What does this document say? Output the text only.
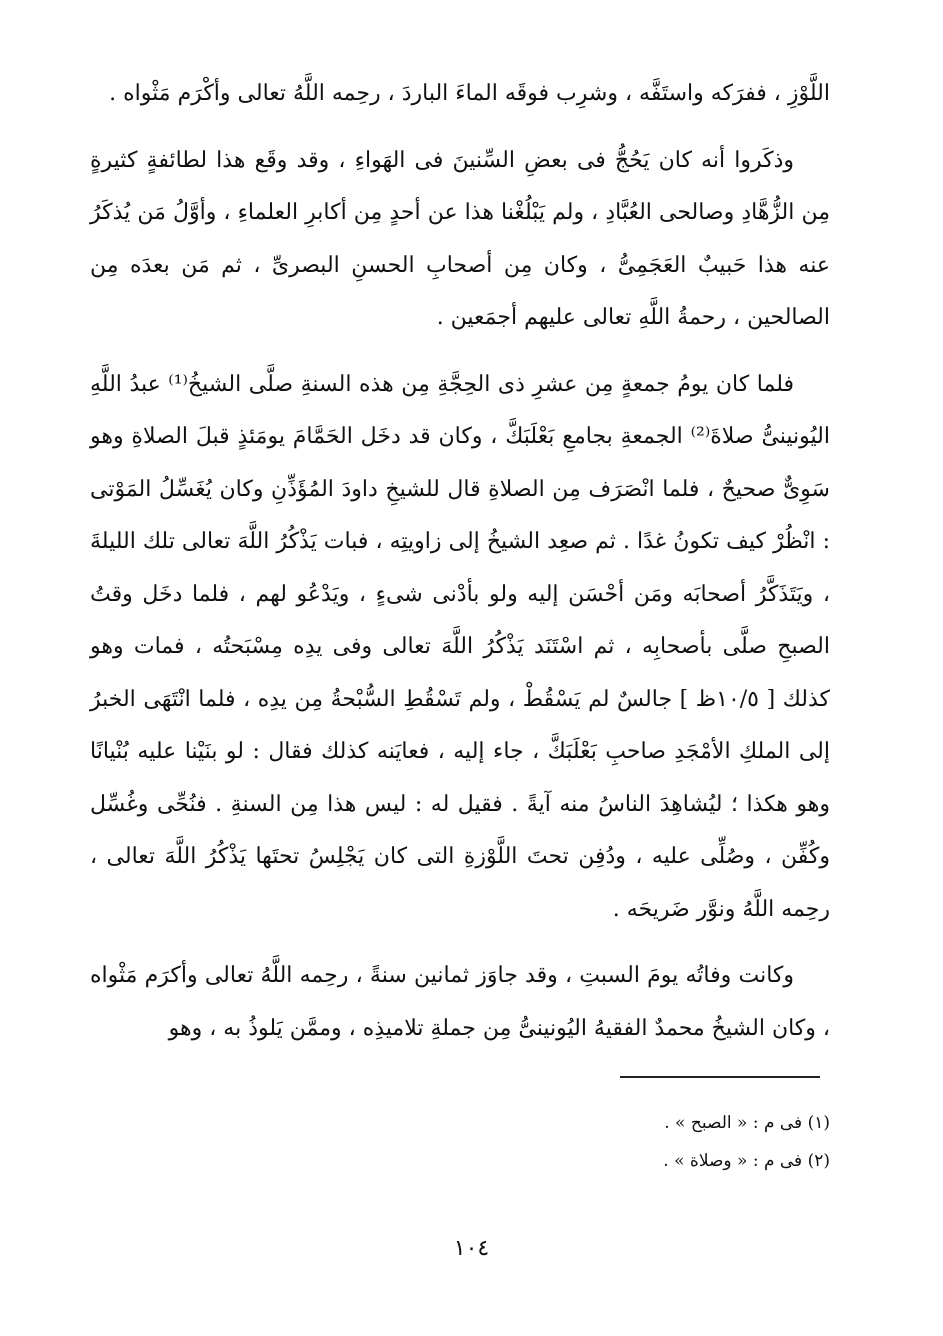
اللَّوْزِ ، ففرَكه واستَفَّه ، وشرِب فوقَه الماءَ الباردَ ، رحِمه اللَّهُ تعالى وأكْرَم مَثْواه .

وذكَروا أنه كان يَحُجُّ فى بعضِ السِّنينَ فى الهَواءِ ، وقد وقَع هذا لطائفةٍ كثيرةٍ مِن الزُّهَّادِ وصالحى العُبَّادِ ، ولم يَبْلُغْنا هذا عن أحدٍ مِن أكابرِ العلماءِ ، وأوَّلُ مَن يُذكَرُ عنه هذا حَبيبٌ العَجَمِىُّ ، وكان مِن أصحابِ الحسنِ البصرىِّ ، ثم مَن بعدَه مِن الصالحين ، رحمةُ اللَّهِ تعالى عليهم أجمَعين .

فلما كان يومُ جمعةٍ مِن عشرِ ذى الحِجَّةِ مِن هذه السنةِ صلَّى الشيخُ⁽¹⁾ عبدُ اللَّهِ اليُونينىُّ صلاةَ⁽²⁾ الجمعةِ بجامعِ بَعْلَبَكَّ ، وكان قد دخَل الحَمَّامَ يومَئذٍ قبلَ الصلاةِ وهو سَوِىٌّ صحيحٌ ، فلما انْصَرَف مِن الصلاةِ قال للشيخِ داودَ المُؤَذِّنِ وكان يُغَسِّلُ المَوْتى : انْظُرْ كيف تكونُ غدًا . ثم صعِد الشيخُ إلى زاويتِه ، فبات يَذْكُرُ اللَّهَ تعالى تلك الليلةَ ، ويَتَذَكَّرُ أصحابَه ومَن أحْسَن إليه ولو بأدْنى شىءٍ ، ويَدْعُو لهم ، فلما دخَل وقتُ الصبحِ صلَّى بأصحابِه ، ثم اسْتَنَد يَذْكُرُ اللَّهَ تعالى وفى يدِه مِسْبَحتُه ، فمات وهو كذلك [ ١٠/٥ظ ] جالسٌ لم يَسْقُطْ ، ولم تَسْقُطِ السُّبْحةُ مِن يدِه ، فلما انْتَهَى الخبرُ إلى الملكِ الأمْجَدِ صاحبِ بَعْلَبَكَّ ، جاء إليه ، فعايَنه كذلك فقال : لو بنَيْنا عليه بُنْيانًا وهو هكذا ؛ ليُشاهِدَ الناسُ منه آيةً . فقيل له : ليس هذا مِن السنةِ . فنُحِّى وغُسِّل وكُفِّن ، وصُلِّى عليه ، ودُفِن تحتَ اللَّوْزةِ التى كان يَجْلِسُ تحتَها يَذْكُرُ اللَّهَ تعالى ، رحِمه اللَّهُ ونوَّر ضَريحَه .

وكانت وفاتُه يومَ السبتِ ، وقد جاوَز ثمانين سنةً ، رحِمه اللَّهُ تعالى وأكرَم مَثْواه ، وكان الشيخُ محمدٌ الفقيهُ اليُونينىُّ مِن جملةِ تلاميذِه ، وممَّن يَلوذُ به ، وهو

(١) فى م : « الصبح » .

(٢) فى م : « وصلاة » .

١٠٤
